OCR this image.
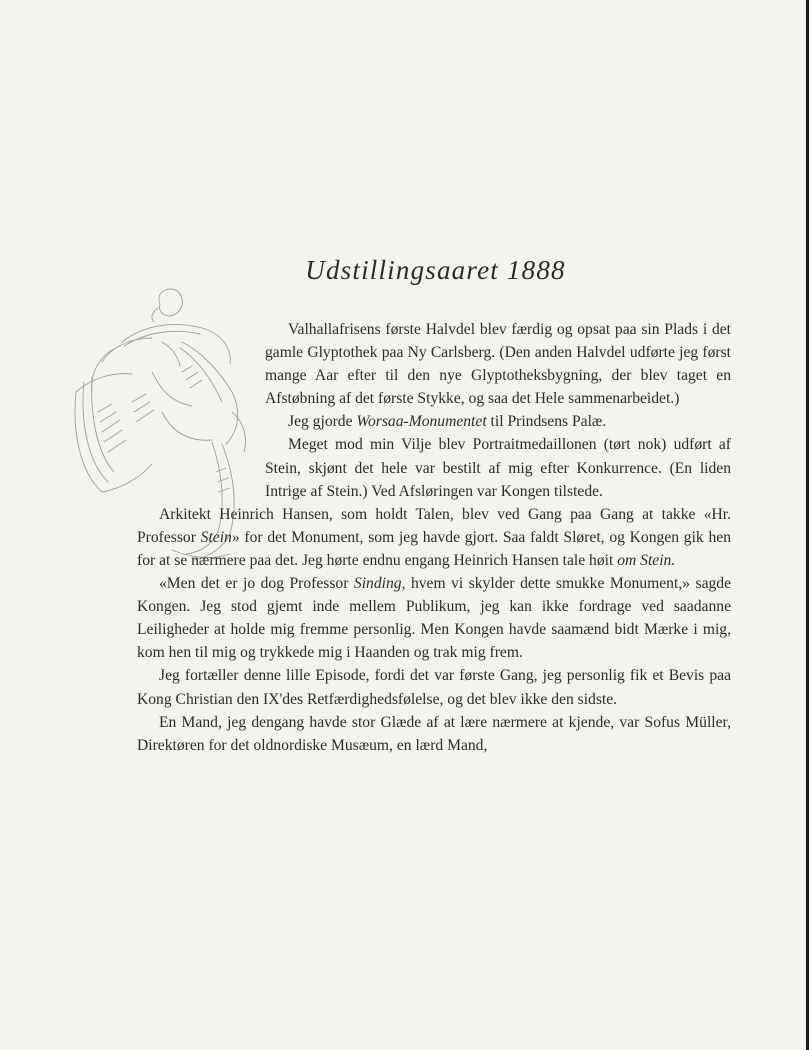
Udstillingsaaret 1888

Valhallafrisens første Halvdel blev færdig og opsat paa sin Plads i det gamle Glyptothek paa Ny Carlsberg. (Den anden Halvdel udførte jeg først mange Aar efter til den nye Glyptotheksbygning, der blev taget en Afstøbning af det første Stykke, og saa det Hele sammenarbeidet.)

Jeg gjorde Worsaa-Monumentet til Prindsens Palæ.

Meget mod min Vilje blev Portraitmedaillonen (tørt nok) udført af Stein, skjønt det hele var bestilt af mig efter Konkurrence. (En liden Intrige af Stein.) Ved Afsløringen var Kongen tilstede.

Arkitekt Heinrich Hansen, som holdt Talen, blev ved Gang paa Gang at takke «Hr. Professor Stein» for det Monument, som jeg havde gjort. Saa faldt Sløret, og Kongen gik hen for at se nærmere paa det. Jeg hørte endnu engang Heinrich Hansen tale høit om Stein.

«Men det er jo dog Professor Sinding, hvem vi skylder dette smukke Monument,» sagde Kongen. Jeg stod gjemt inde mellem Publikum, jeg kan ikke fordrage ved saadanne Leiligheder at holde mig fremme personlig. Men Kongen havde saamænd bidt Mærke i mig, kom hen til mig og trykkede mig i Haanden og trak mig frem.

Jeg fortæller denne lille Episode, fordi det var første Gang, jeg personlig fik et Bevis paa Kong Christian den IX'des Retfærdighedsfølelse, og det blev ikke den sidste.

En Mand, jeg dengang havde stor Glæde af at lære nærmere at kjende, var Sofus Müller, Direktøren for det oldnordiske Musæum, en lærd Mand,
